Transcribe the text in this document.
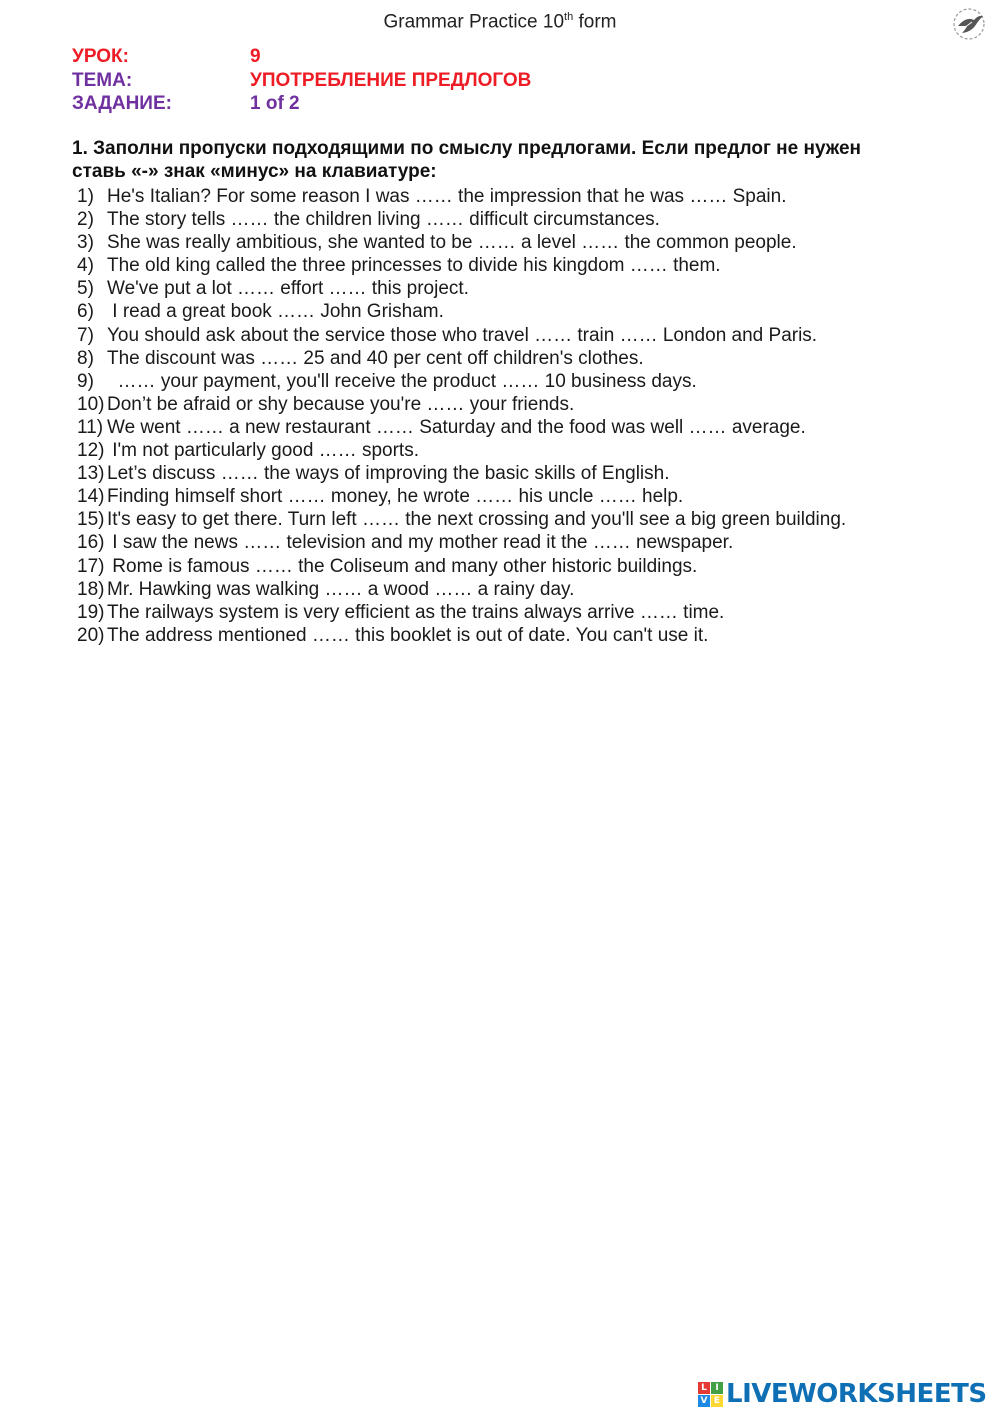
Grammar Practice 10th form
УРОК:	9
ТЕМА:	УПОТРЕБЛЕНИЕ ПРЕДЛОГОВ
ЗАДАНИЕ:	1 of 2
1. Заполни пропуски подходящими по смыслу предлогами. Если предлог не нужен
ставь «-» знак «минус» на клавиатуре:
1) He's Italian? For some reason I was …… the impression that he was …… Spain.
2) The story tells …… the children living …… difficult circumstances.
3) She was really ambitious, she wanted to be …… a level …… the common people.
4) The old king called the three princesses to divide his kingdom …… them.
5) We've put a lot …… effort …… this project.
6) I read a great book …… John Grisham.
7) You should ask about the service those who travel …… train …… London and Paris.
8) The discount was …… 25 and 40 per cent off children's clothes.
9) …… your payment, you'll receive the product …… 10 business days.
10) Don’t be afraid or shy because you're …… your friends.
11) We went …… a new restaurant …… Saturday and the food was well …… average.
12) I'm not particularly good …… sports.
13) Let’s discuss …… the ways of improving the basic skills of English.
14) Finding himself short …… money, he wrote …… his uncle …… help.
15) It's easy to get there. Turn left …… the next crossing and you'll see a big green building.
16) I saw the news …… television and my mother read it the …… newspaper.
17) Rome is famous …… the Coliseum and many other historic buildings.
18) Mr. Hawking was walking …… a wood …… a rainy day.
19) The railways system is very efficient as the trains always arrive …… time.
20) The address mentioned …… this booklet is out of date. You can't use it.
L I
V E LIVEWORKSHEETS
